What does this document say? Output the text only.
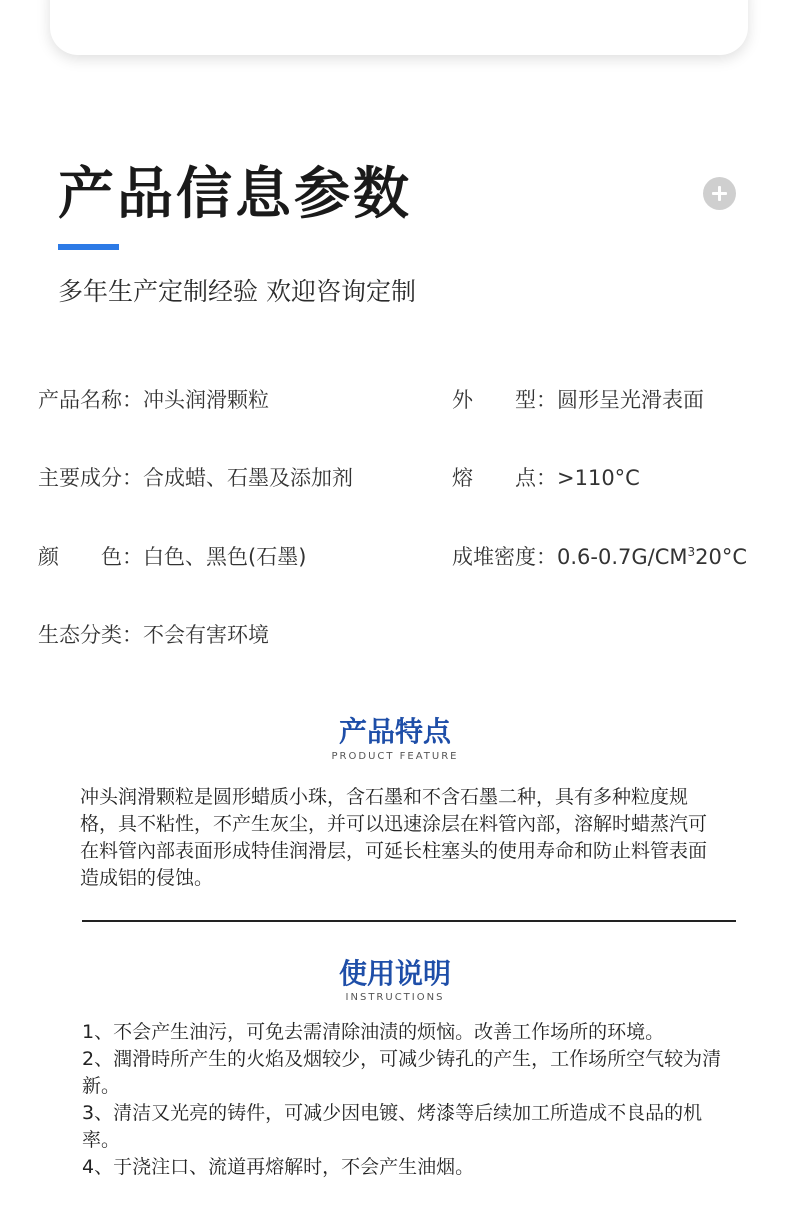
产品信息参数

多年生产定制经验 欢迎咨询定制

产品名称：冲头润滑颗粒	外　　型：圆形呈光滑表面
主要成分：合成蜡、石墨及添加剂	熔　　点：>110°C
颜　　色：白色、黑色(石墨)	成堆密度：$0.6-0.7G/CM^320^\circ C$
生态分类：不会有害环境
产品特点
PRODUCT FEATURE

冲头润滑颗粒是圆形蜡质小珠，含石墨和不含石墨二种，具有多种粒度规格，具不粘性，不产生灰尘，并可以迅速涂层在料管內部，溶解时蜡蒸汽可在料管內部表面形成特佳润滑层，可延长柱塞头的使用寿命和防止料管表面造成铝的侵蚀。

使用说明
INSTRUCTIONS
1、不会产生油污，可免去需清除油渍的烦恼。改善工作场所的环境。
2、潤滑時所产生的火焰及烟较少，可减少铸孔的产生，工作场所空气较为清新。
3、清洁又光亮的铸件，可减少因电镀、烤漆等后续加工所造成不良品的机率。
4、于浇注口、流道再熔解时，不会产生油烟。
